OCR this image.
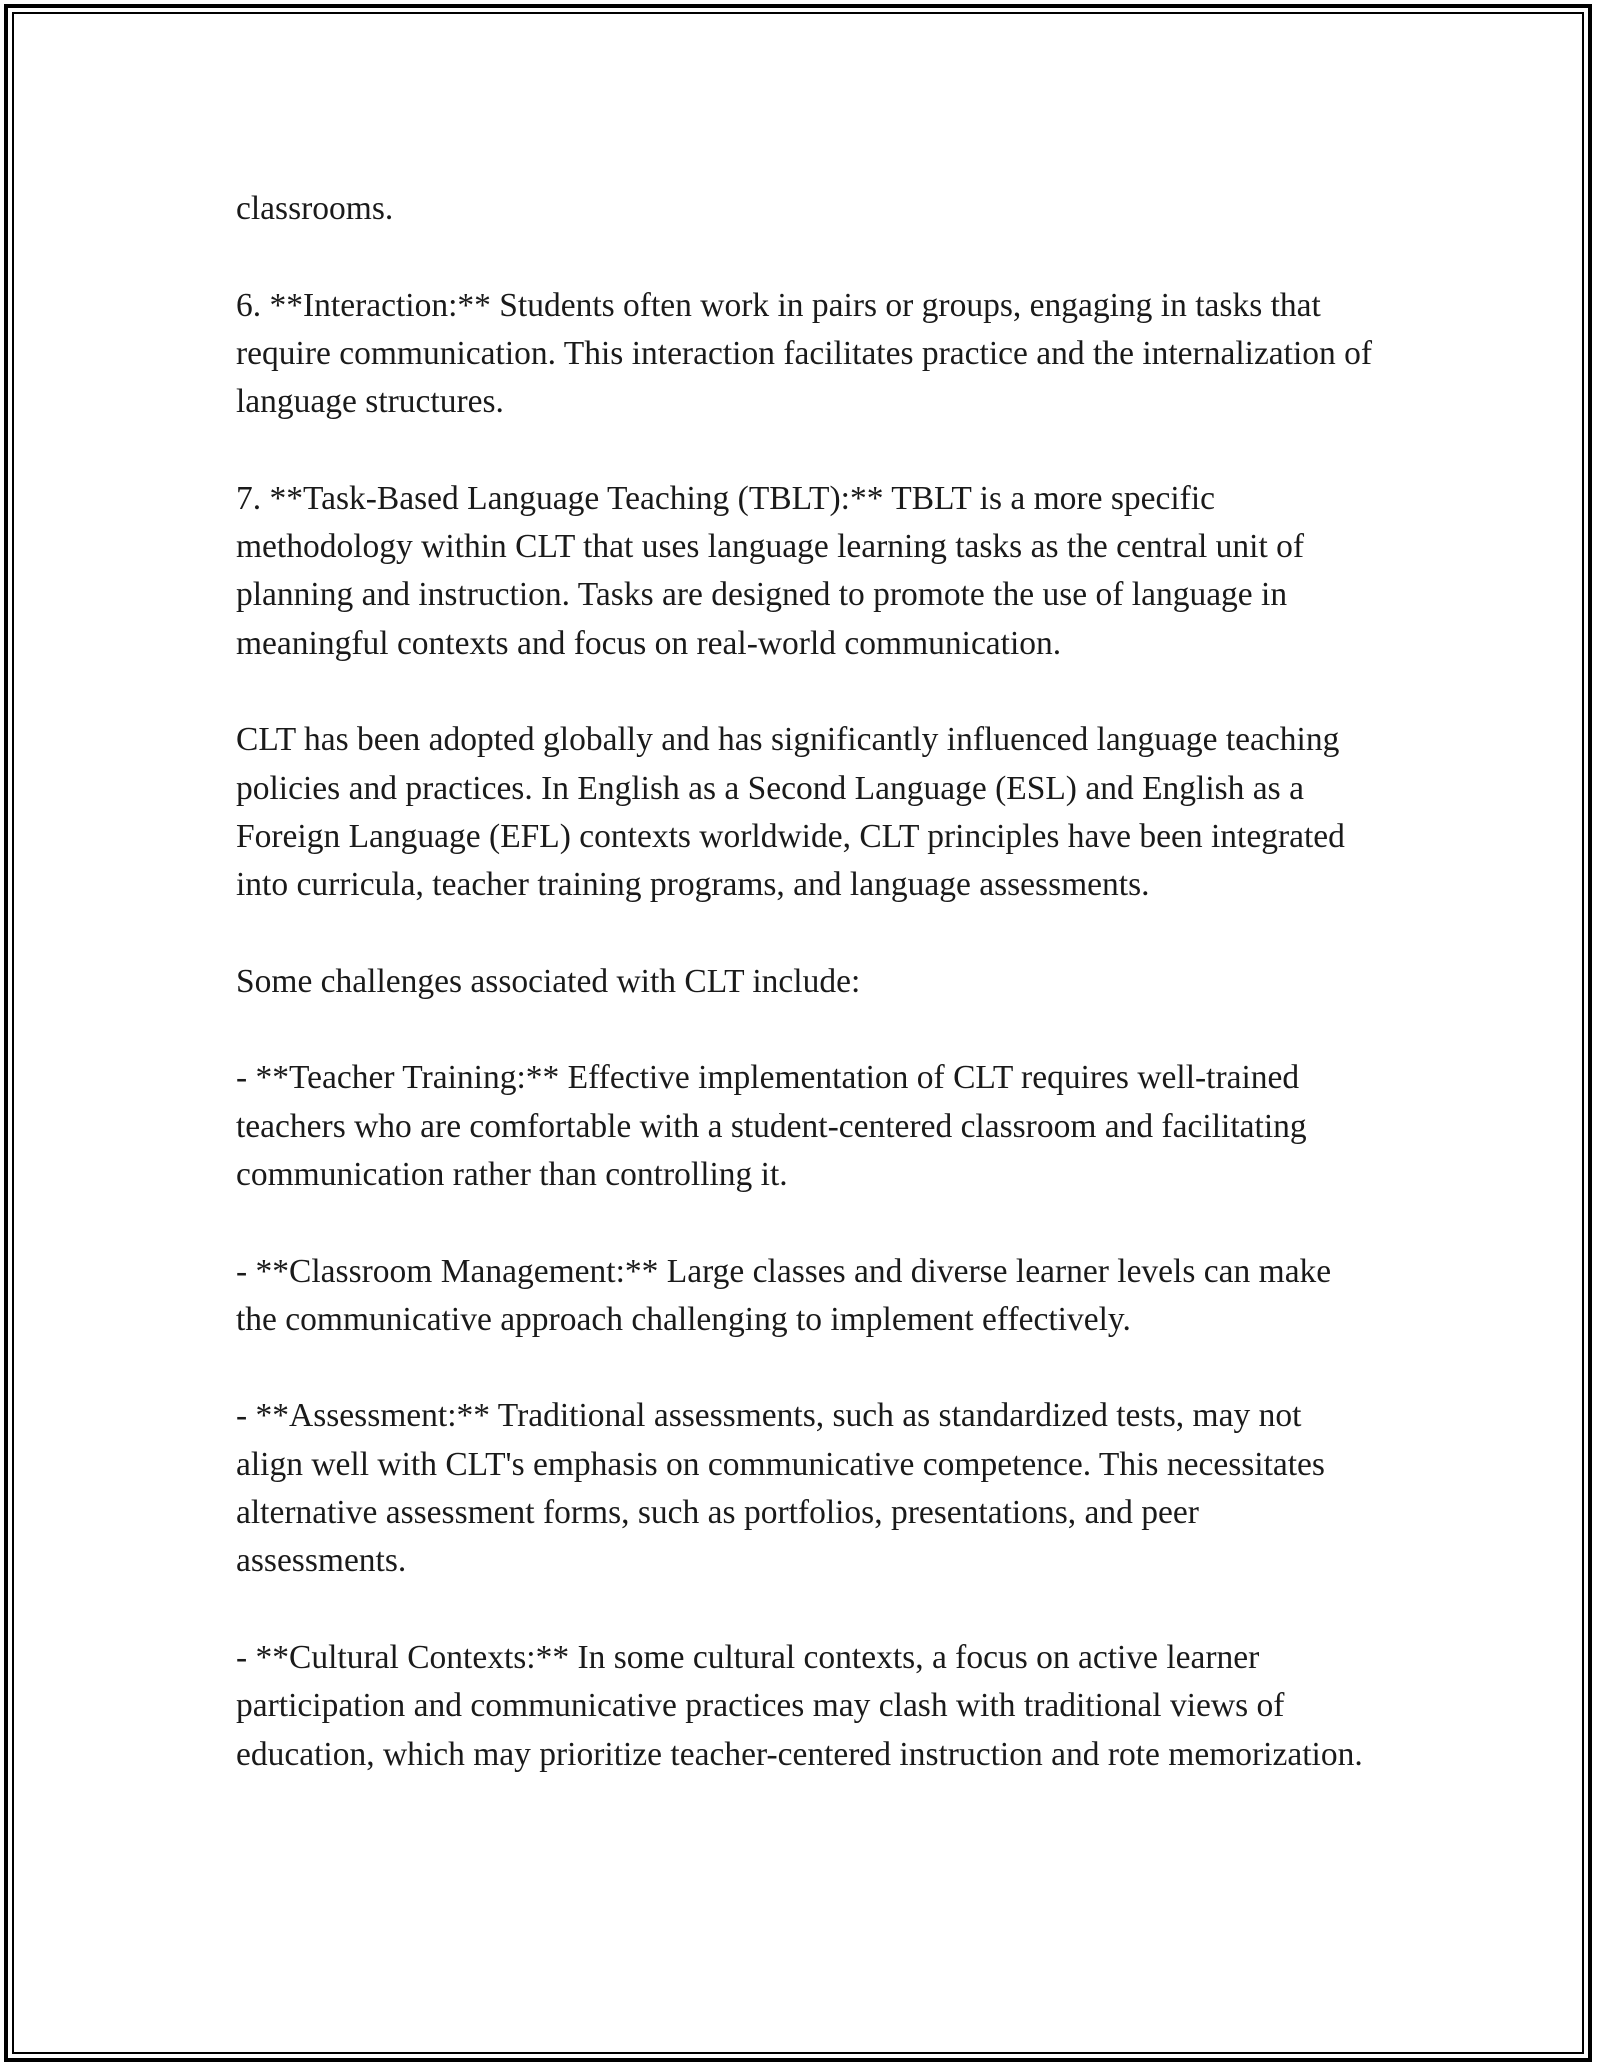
classrooms.

6. **Interaction:** Students often work in pairs or groups, engaging in tasks that require communication. This interaction facilitates practice and the internalization of language structures.

7. **Task-Based Language Teaching (TBLT):** TBLT is a more specific methodology within CLT that uses language learning tasks as the central unit of planning and instruction. Tasks are designed to promote the use of language in meaningful contexts and focus on real-world communication.

CLT has been adopted globally and has significantly influenced language teaching policies and practices. In English as a Second Language (ESL) and English as a Foreign Language (EFL) contexts worldwide, CLT principles have been integrated into curricula, teacher training programs, and language assessments.

Some challenges associated with CLT include:

- **Teacher Training:** Effective implementation of CLT requires well-trained teachers who are comfortable with a student-centered classroom and facilitating communication rather than controlling it.

- **Classroom Management:** Large classes and diverse learner levels can make the communicative approach challenging to implement effectively.

- **Assessment:** Traditional assessments, such as standardized tests, may not align well with CLT's emphasis on communicative competence. This necessitates alternative assessment forms, such as portfolios, presentations, and peer assessments.

- **Cultural Contexts:** In some cultural contexts, a focus on active learner participation and communicative practices may clash with traditional views of education, which may prioritize teacher-centered instruction and rote memorization.
